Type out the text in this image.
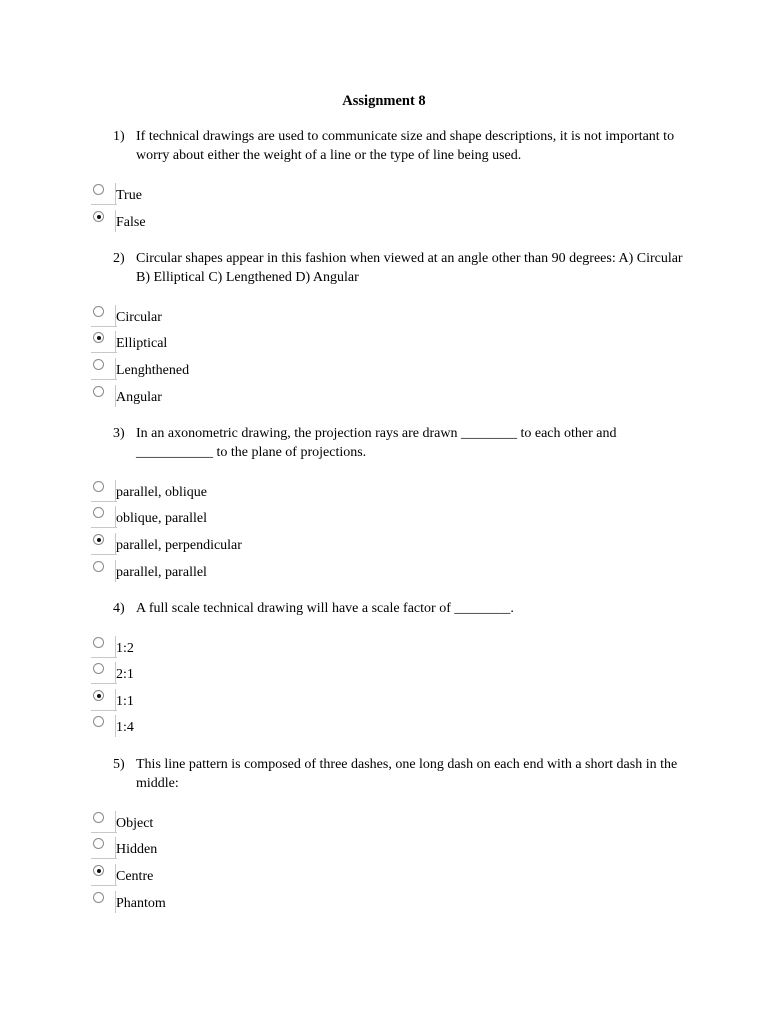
Assignment 8
1) If technical drawings are used to communicate size and shape descriptions, it is not important to
worry about either the weight of a line or the type of line being used.
True
False
2) Circular shapes appear in this fashion when viewed at an angle other than 90 degrees: A) Circular
B) Elliptical C) Lengthened D) Angular
Circular
Elliptical
Lenghthened
Angular
3) In an axonometric drawing, the projection rays are drawn ________ to each other and
___________ to the plane of projections.
parallel, oblique
oblique, parallel
parallel, perpendicular
parallel, parallel
4) A full scale technical drawing will have a scale factor of ________.
1:2
2:1
1:1
1:4
5) This line pattern is composed of three dashes, one long dash on each end with a short dash in the
middle:
Object
Hidden
Centre
Phantom
